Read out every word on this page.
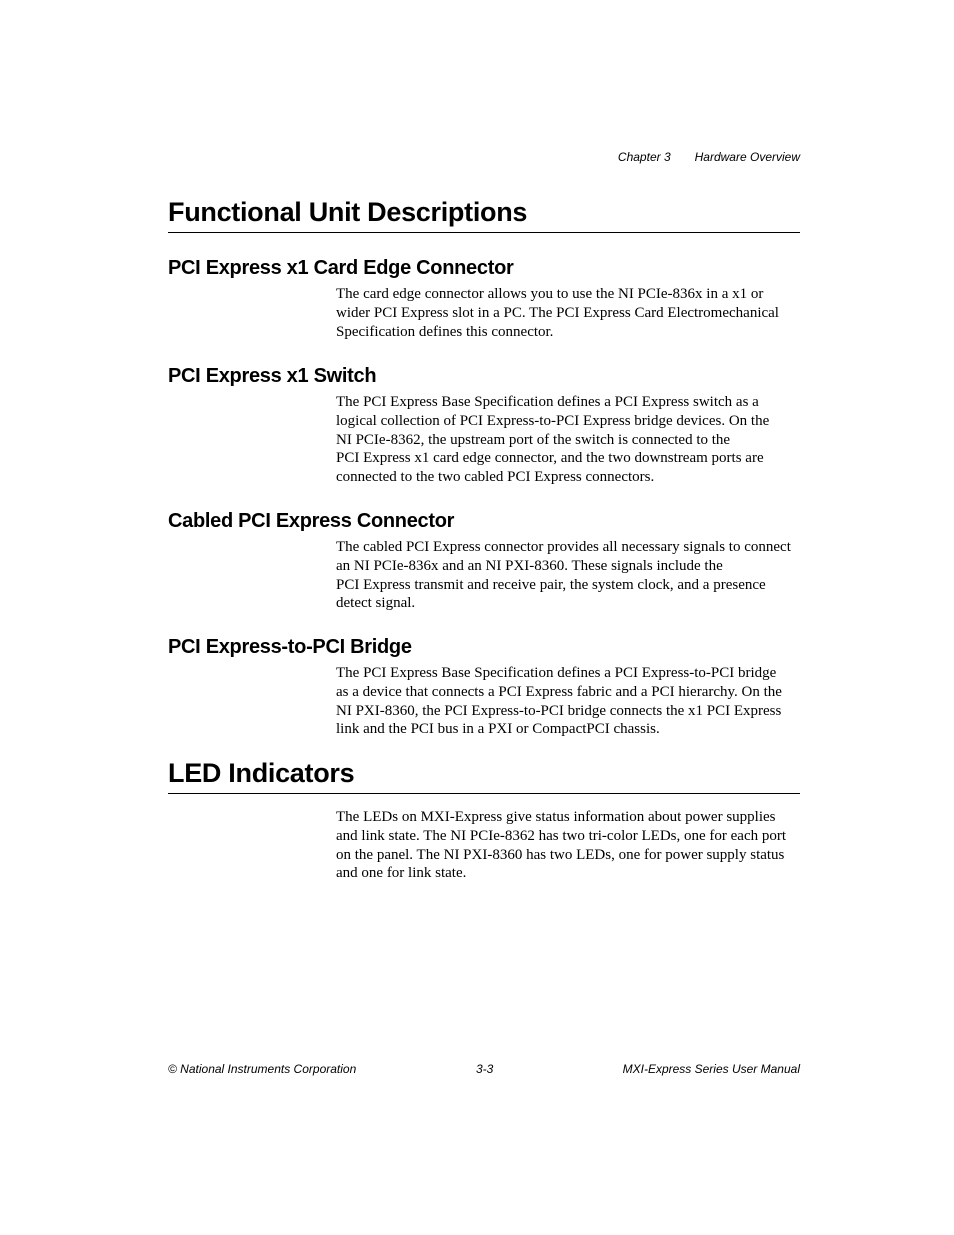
Chapter 3 Hardware Overview
Functional Unit Descriptions
PCI Express x1 Card Edge Connector

The card edge connector allows you to use the NI PCIe-836x in a x1 or

wider PCI Express slot in a PC. The PCI Express Card Electromechanical

Specification defines this connector.

PCI Express x1 Switch

The PCI Express Base Specification defines a PCI Express switch as a

logical collection of PCI Express-to-PCI Express bridge devices. On the

NI PCIe-8362, the upstream port of the switch is connected to the

PCI Express x1 card edge connector, and the two downstream ports are

connected to the two cabled PCI Express connectors.

Cabled PCI Express Connector

The cabled PCI Express connector provides all necessary signals to connect

an NI PCIe-836x and an NI PXI-8360. These signals include the

PCI Express transmit and receive pair, the system clock, and a presence

detect signal.

PCI Express-to-PCI Bridge

The PCI Express Base Specification defines a PCI Express-to-PCI bridge

as a device that connects a PCI Express fabric and a PCI hierarchy. On the

NI PXI-8360, the PCI Express-to-PCI bridge connects the x1 PCI Express

link and the PCI bus in a PXI or CompactPCI chassis.

LED Indicators

The LEDs on MXI-Express give status information about power supplies

and link state. The NI PCIe-8362 has two tri-color LEDs, one for each port

on the panel. The NI PXI-8360 has two LEDs, one for power supply status

and one for link state.

© National Instruments Corporation	3-3	MXI-Express Series User Manual
